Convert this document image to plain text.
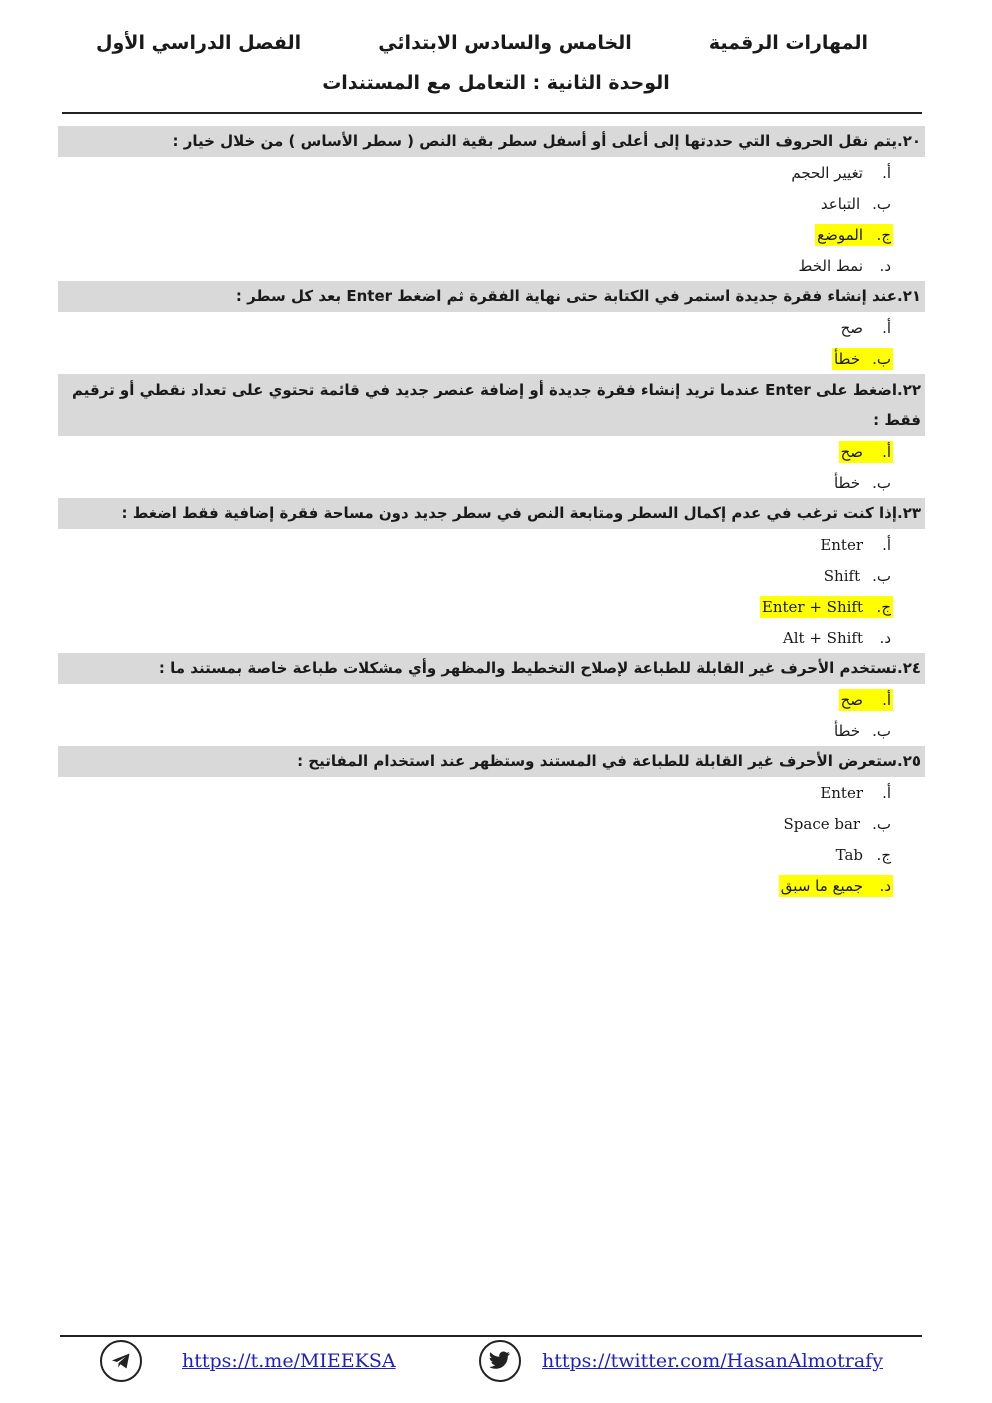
المهارات الرقمية
الخامس والسادس الابتدائي
الفصل الدراسي الأول
الوحدة الثانية : التعامل مع المستندات
٢٠.يتم نقل الحروف التي حددتها إلى أعلى أو أسفل سطر بقية النص ( سطر الأساس ) من خلال خيار :
أ.
تغيير الحجم
ب.
التباعد
ج.
الموضع
د.
نمط الخط
٢١.عند إنشاء فقرة جديدة استمر في الكتابة حتى نهاية الفقرة ثم اضغط Enter بعد كل سطر :
أ.
صح
ب.
خطأ
٢٢.اضغط على Enter عندما تريد إنشاء فقرة جديدة أو إضافة عنصر جديد في قائمة تحتوي على تعداد نقطي أو ترقيم فقط :
أ.
صح
ب.
خطأ
٢٣.إذا كنت ترغب في عدم إكمال السطر ومتابعة النص في سطر جديد دون مساحة فقرة إضافية فقط اضغط :
أ.
Enter
ب.
Shift
ج.
Enter + Shift
د.
Alt + Shift
٢٤.تستخدم الأحرف غير القابلة للطباعة لإصلاح التخطيط والمظهر وأي مشكلات طباعة خاصة بمستند ما :
أ.
صح
ب.
خطأ
٢٥.ستعرض الأحرف غير القابلة للطباعة في المستند وستظهر عند استخدام المفاتيح :
أ.
Enter
ب.
Space bar
ج.
Tab
د.
جميع ما سبق
https://t.me/MIEEKSA	https://twitter.com/HasanAlmotrafy
